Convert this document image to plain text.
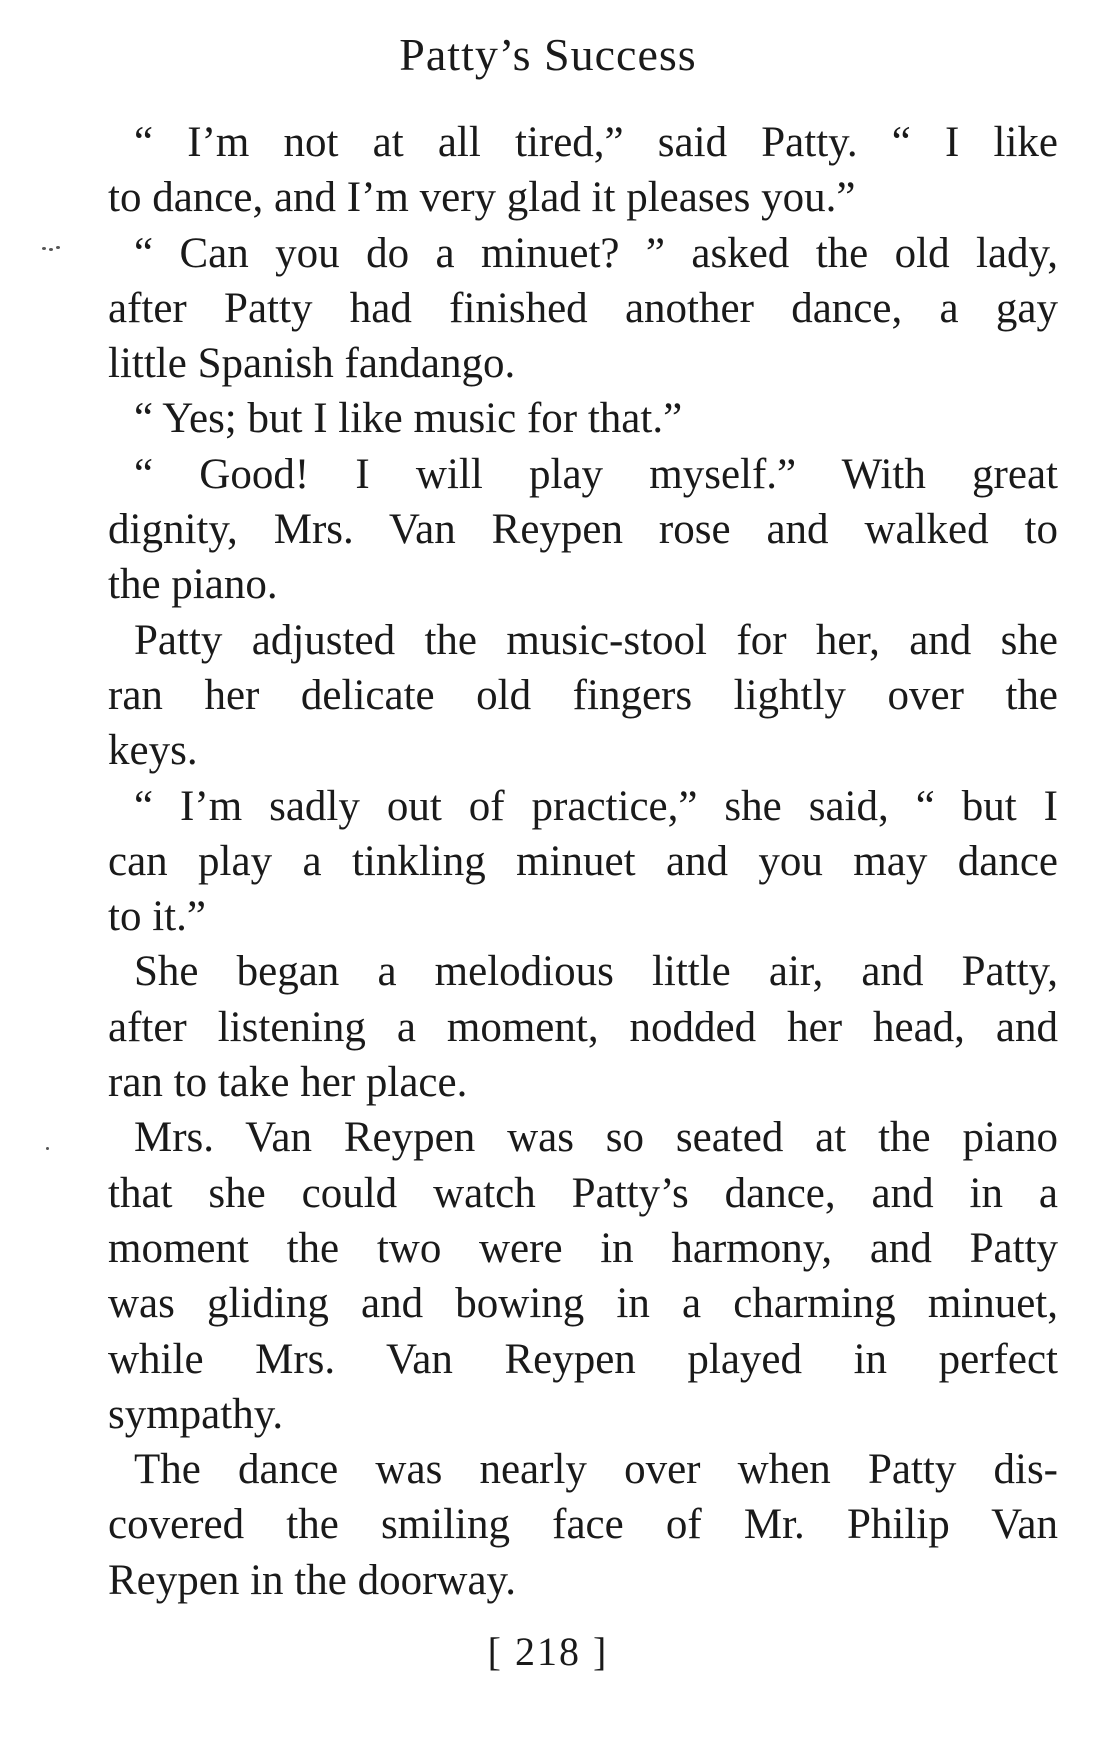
Patty’s Success
“ I’m not at all tired,” said Patty. “ I like
to dance, and I’m very glad it pleases you.”
“ Can you do a minuet? ” asked the old lady,
after Patty had finished another dance, a gay
little Spanish fandango.
“ Yes; but I like music for that.”
“ Good! I will play myself.” With great
dignity, Mrs. Van Reypen rose and walked to
the piano.
Patty adjusted the music-stool for her, and she
ran her delicate old fingers lightly over the
keys.
“ I’m sadly out of practice,” she said, “ but I
can play a tinkling minuet and you may dance
to it.”
She began a melodious little air, and Patty,
after listening a moment, nodded her head, and
ran to take her place.
Mrs. Van Reypen was so seated at the piano
that she could watch Patty’s dance, and in a
moment the two were in harmony, and Patty
was gliding and bowing in a charming minuet,
while Mrs. Van Reypen played in perfect
sympathy.
The dance was nearly over when Patty dis-
covered the smiling face of Mr. Philip Van
Reypen in the doorway.
[ 218 ]
